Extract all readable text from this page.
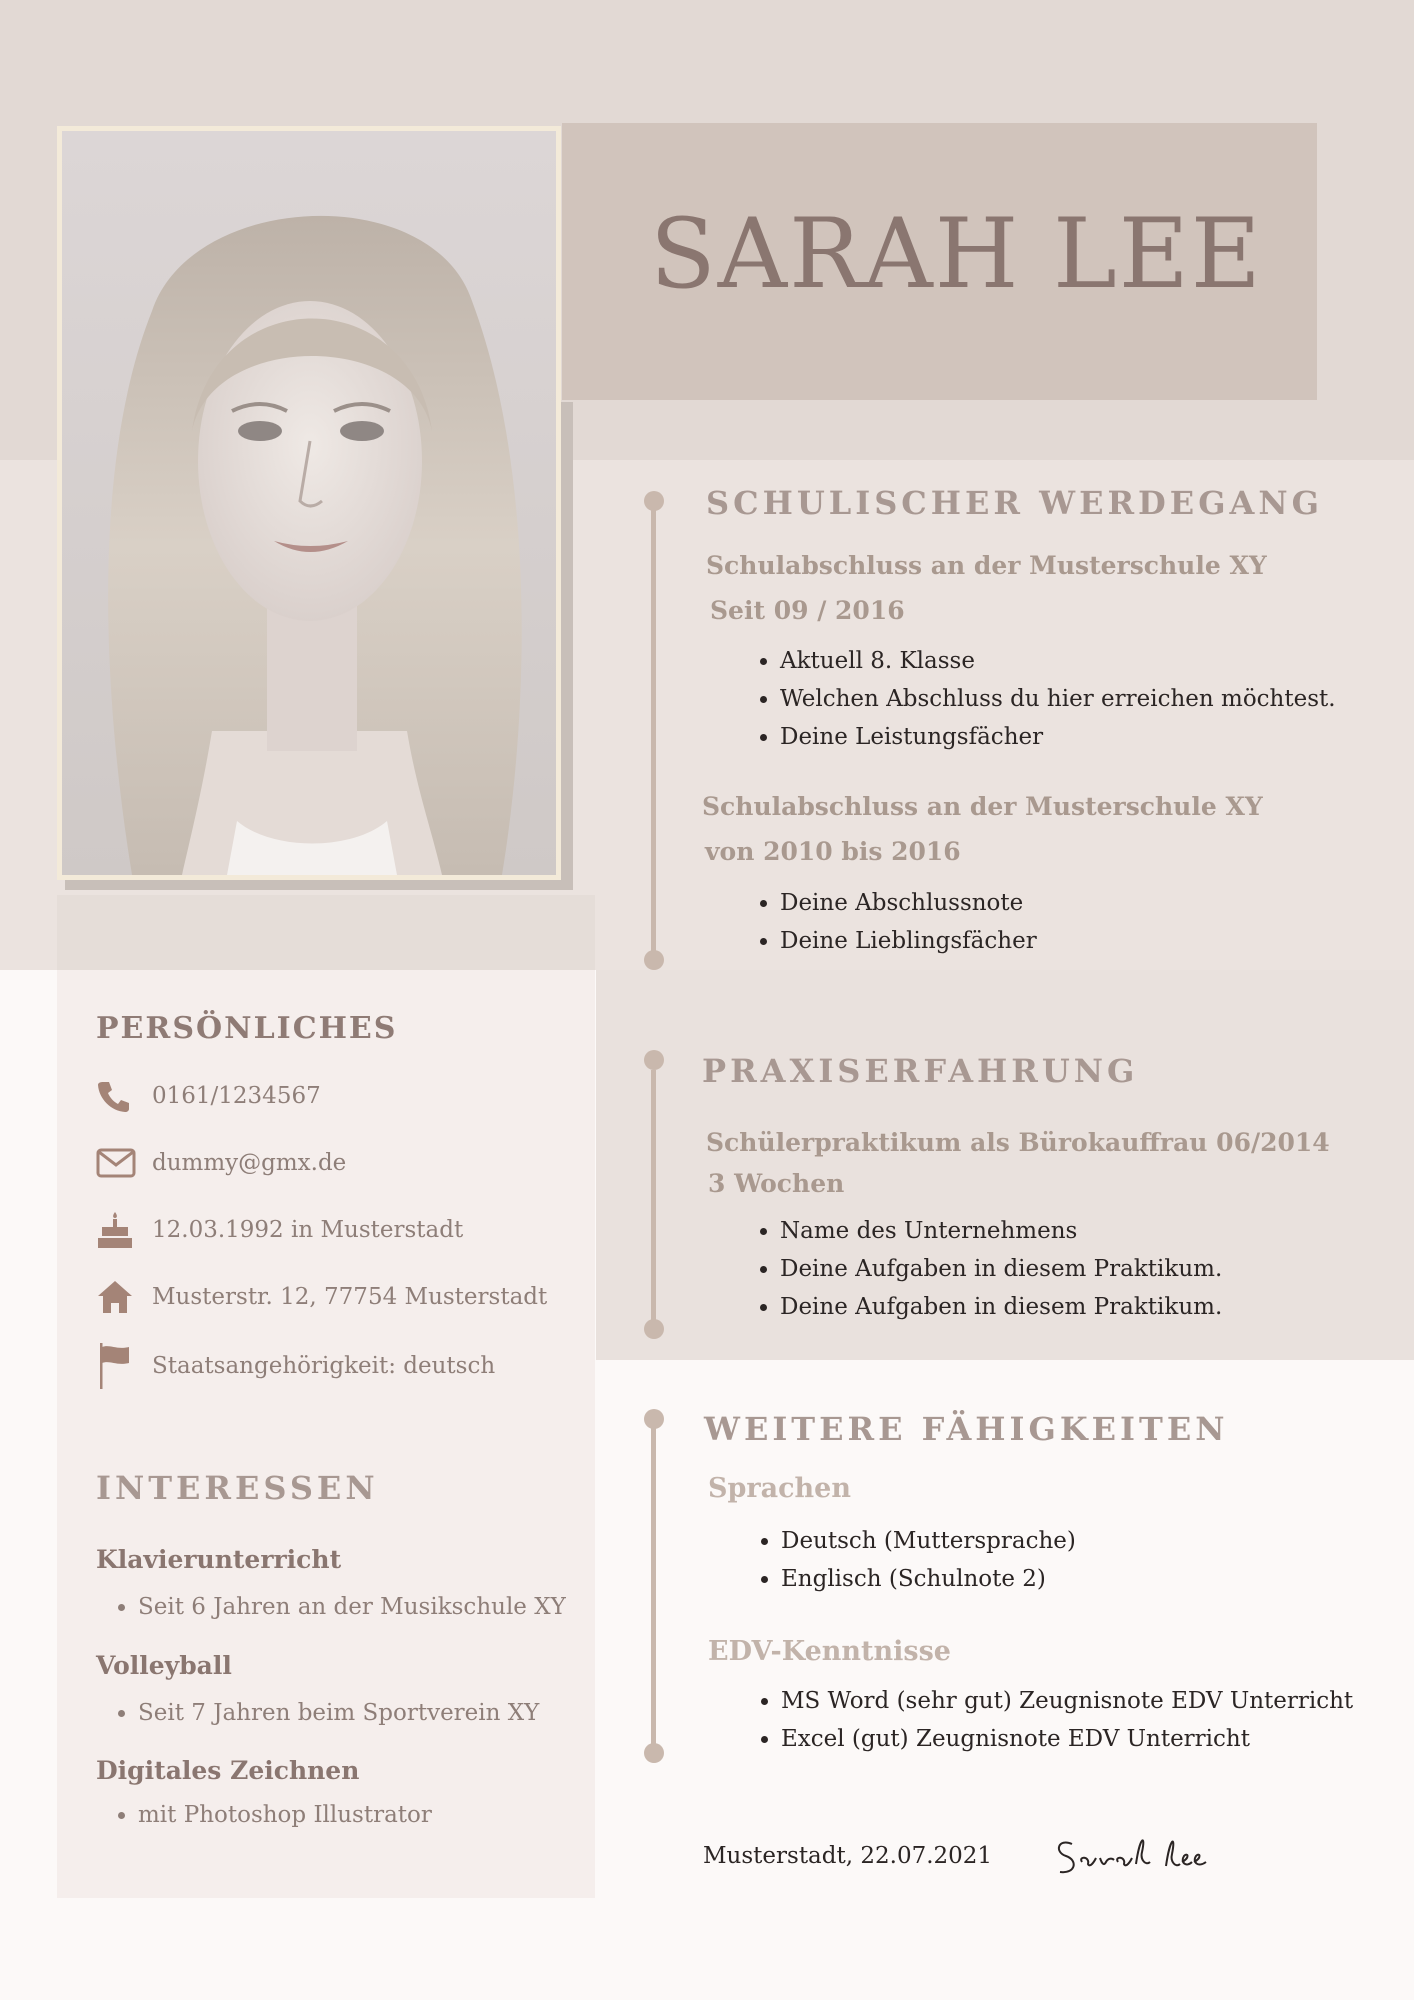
SARAH LEE
SCHULISCHER WERDEGANG
Schulabschluss an der Musterschule XY
Seit 09 / 2016
• Aktuell 8. Klasse
• Welchen Abschluss du hier erreichen möchtest.
• Deine Leistungsfächer
Schulabschluss an der Musterschule XY
von 2010 bis 2016
• Deine Abschlussnote
• Deine Lieblingsfächer
PRAXISERFAHRUNG
Schülerpraktikum als Bürokauffrau 06/2014
3 Wochen
• Name des Unternehmens
• Deine Aufgaben in diesem Praktikum.
• Deine Aufgaben in diesem Praktikum.
WEITERE FÄHIGKEITEN
Sprachen
• Deutsch (Muttersprache)
• Englisch (Schulnote 2)
EDV-Kenntnisse
• MS Word (sehr gut) Zeugnisnote EDV Unterricht
• Excel (gut) Zeugnisnote EDV Unterricht
Musterstadt, 22.07.2021
PERSÖNLICHES
0161/1234567
dummy@gmx.de
12.03.1992 in Musterstadt
Musterstr. 12, 77754 Musterstadt
Staatsangehörigkeit: deutsch
INTERESSEN
Klavierunterricht
• Seit 6 Jahren an der Musikschule XY
Volleyball
• Seit 7 Jahren beim Sportverein XY
Digitales Zeichnen
• mit Photoshop Illustrator
